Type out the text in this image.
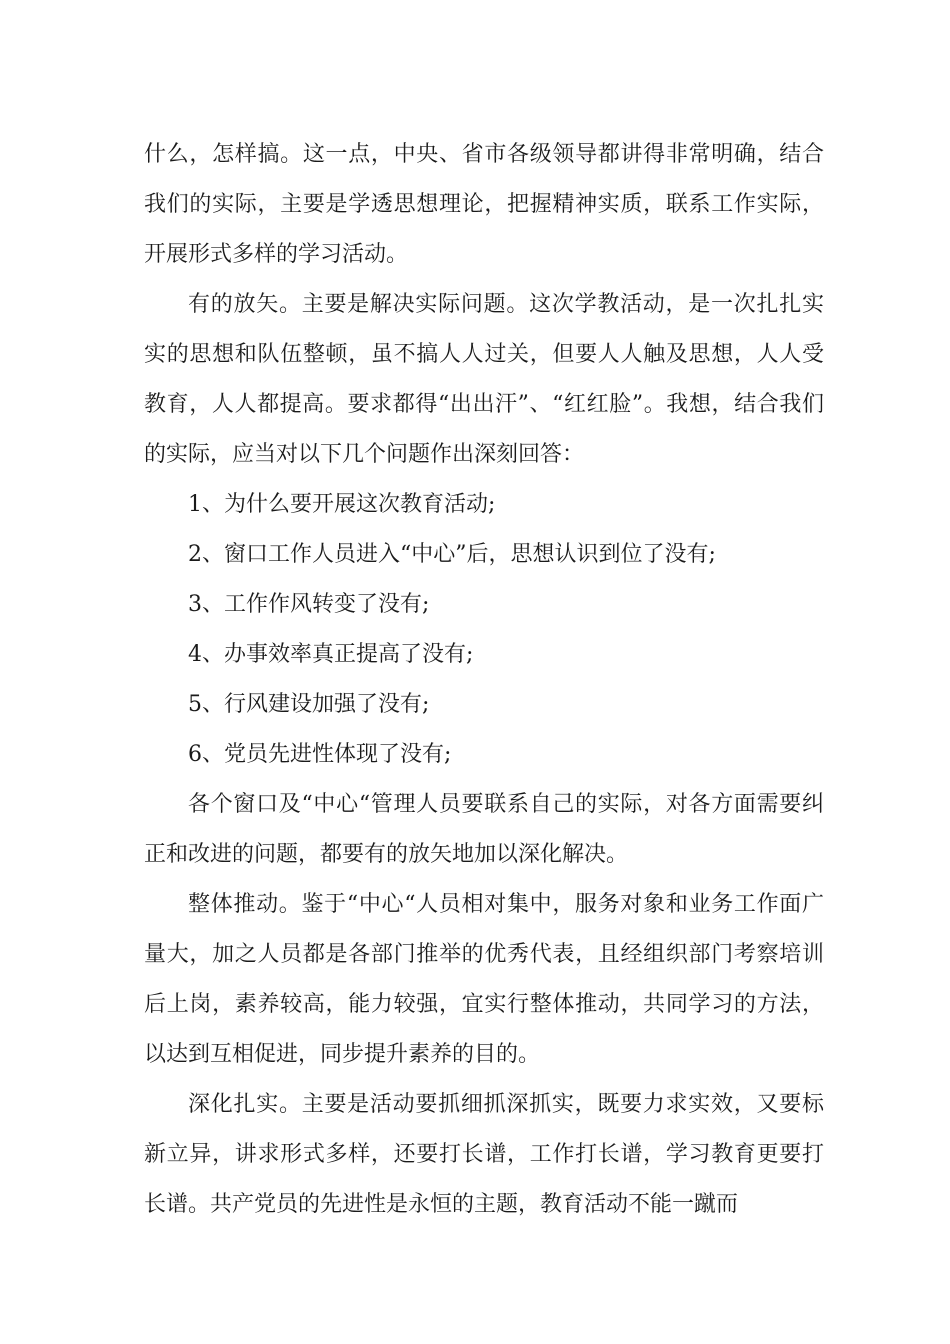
什么，怎样搞。这一点，中央、省市各级领导都讲得非常明确，结合我们的实际，主要是学透思想理论，把握精神实质，联系工作实际，开展形式多样的学习活动。

有的放矢。主要是解决实际问题。这次学教活动，是一次扎扎实实的思想和队伍整顿，虽不搞人人过关，但要人人触及思想，人人受教育，人人都提高。要求都得“出出汗”、“红红脸”。我想，结合我们的实际，应当对以下几个问题作出深刻回答：

1、为什么要开展这次教育活动;

2、窗口工作人员进入“中心”后，思想认识到位了没有;

3、工作作风转变了没有;

4、办事效率真正提高了没有;

5、行风建设加强了没有;

6、党员先进性体现了没有;

各个窗口及“中心“管理人员要联系自己的实际，对各方面需要纠正和改进的问题，都要有的放矢地加以深化解决。

整体推动。鉴于“中心“人员相对集中，服务对象和业务工作面广量大，加之人员都是各部门推举的优秀代表，且经组织部门考察培训后上岗，素养较高，能力较强，宜实行整体推动，共同学习的方法，以达到互相促进，同步提升素养的目的。

深化扎实。主要是活动要抓细抓深抓实，既要力求实效，又要标新立异，讲求形式多样，还要打长谱，工作打长谱，学习教育更要打长谱。共产党员的先进性是永恒的主题，教育活动不能一蹴而
